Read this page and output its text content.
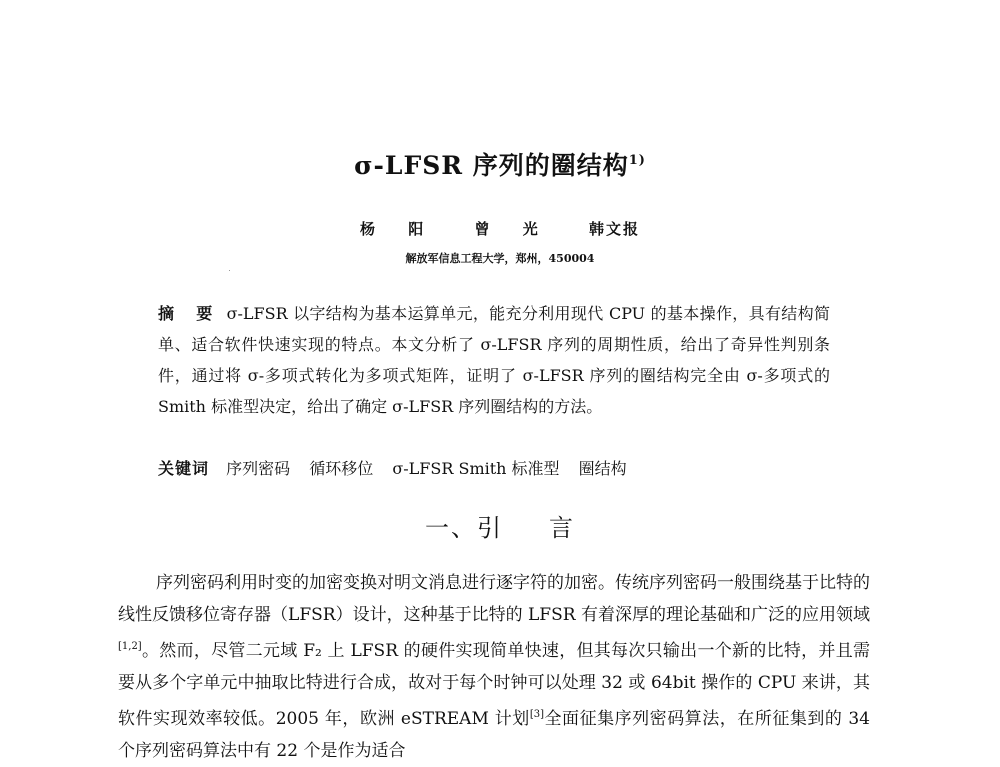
σ-LFSR 序列的圈结构$^{1)}$
杨 阳	曾 光	韩文报
解放军信息工程大学，郑州，450004
摘 要 σ-LFSR 以字结构为基本运算单元，能充分利用现代 CPU 的基本操作，具有结构简单、适合软件快速实现的特点。本文分析了 σ-LFSR 序列的周期性质，给出了奇异性判别条件，通过将 σ-多项式转化为多项式矩阵，证明了 σ-LFSR 序列的圈结构完全由 σ-多项式的 Smith 标准型决定，给出了确定 σ-LFSR 序列圈结构的方法。
关键词 序列密码 循环移位 σ-LFSR Smith 标准型 圈结构
一、引 言
序列密码利用时变的加密变换对明文消息进行逐字符的加密。传统序列密码一般围绕基于比特的线性反馈移位寄存器（LFSR）设计，这种基于比特的 LFSR 有着深厚的理论基础和广泛的应用领域[1,2]。然而，尽管二元域 F₂ 上 LFSR 的硬件实现简单快速，但其每次只输出一个新的比特，并且需要从多个字单元中抽取比特进行合成，故对于每个时钟可以处理 32 或 64bit 操作的 CPU 来讲，其软件实现效率较低。2005 年，欧洲 eSTREAM 计划[3]全面征集序列密码算法，在所征集到的 34 个序列密码算法中有 22 个是作为适合
